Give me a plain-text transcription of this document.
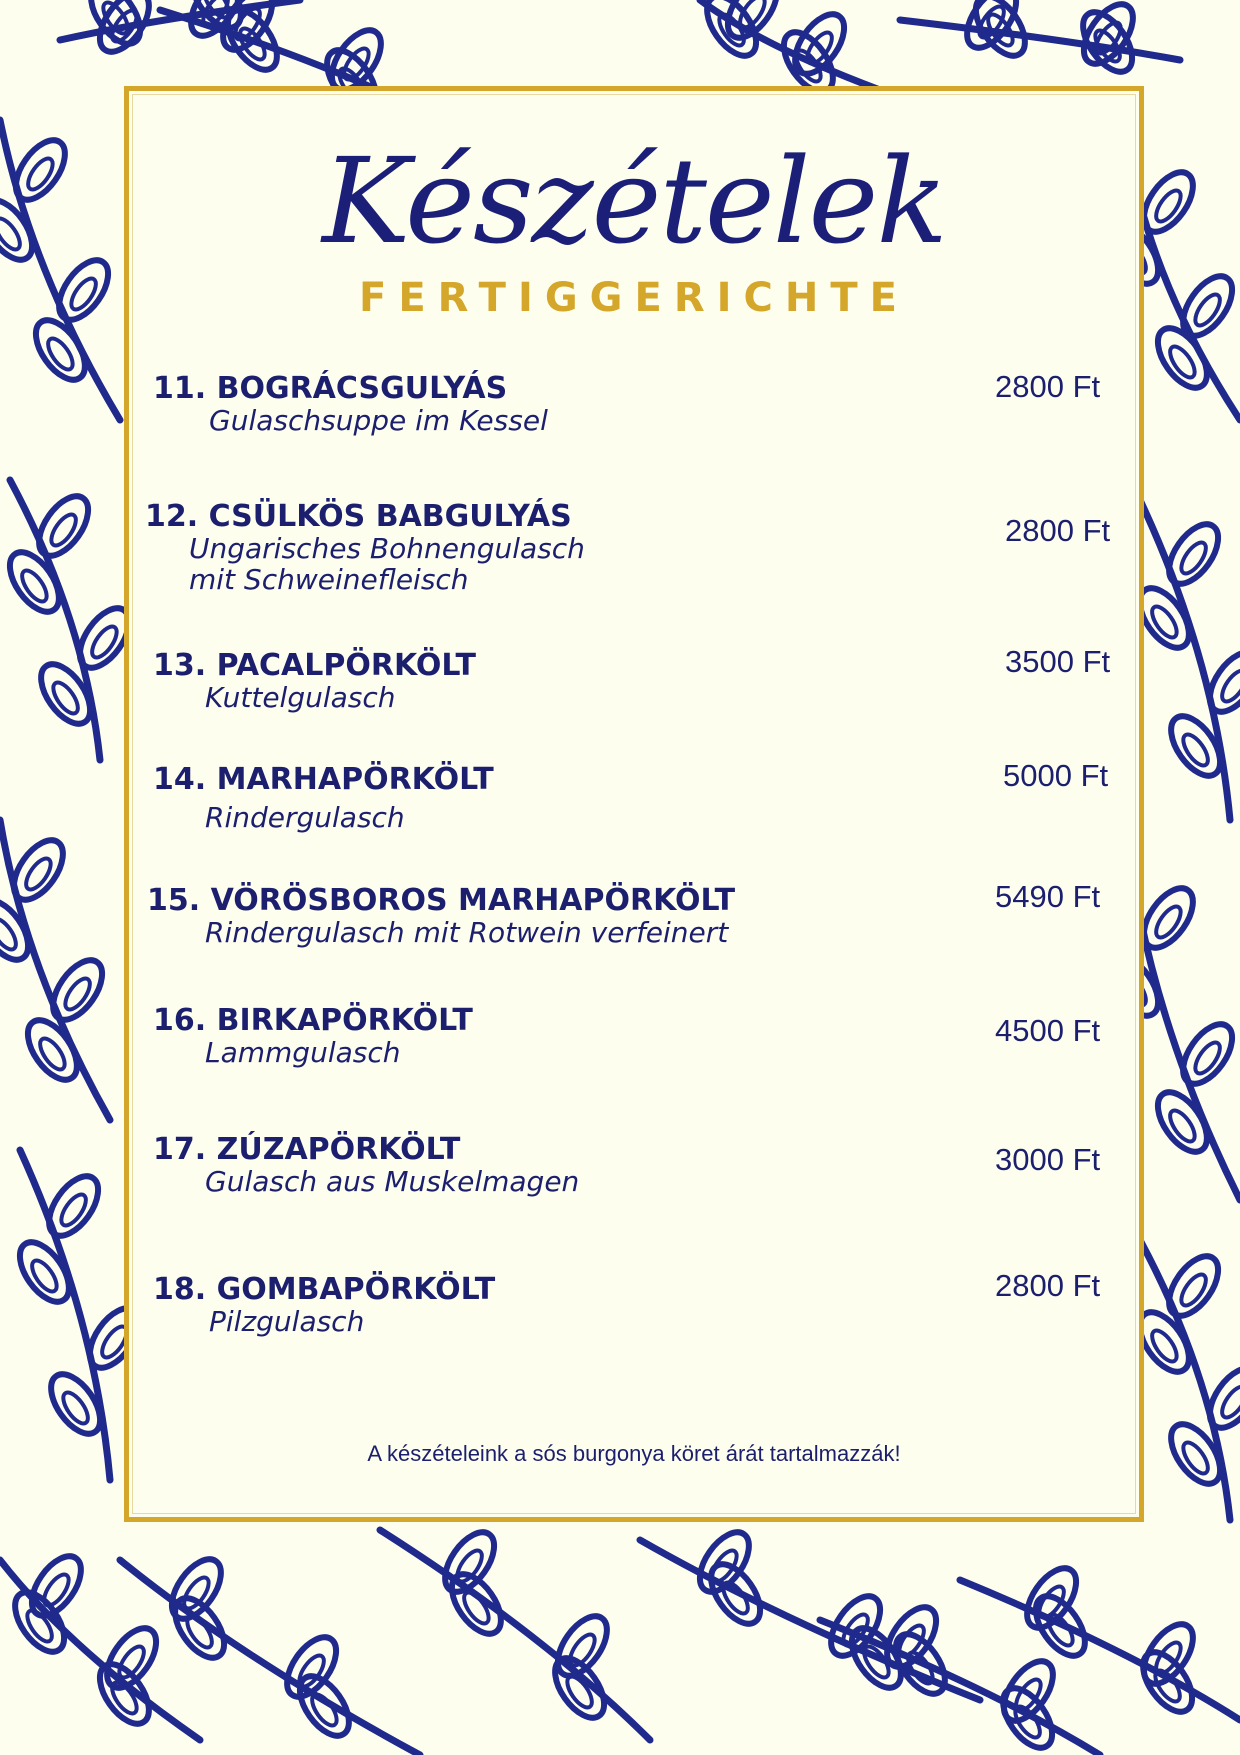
Készételek
FERTIGGERICHTE
11. BOGRÁCSGULYÁS
Gulaschsuppe im Kessel
2800 Ft
12. CSÜLKÖS BABGULYÁS
Ungarisches Bohnengulasch
mit Schweinefleisch
2800 Ft
13. PACALPÖRKÖLT
Kuttelgulasch
3500 Ft
14. MARHAPÖRKÖLT
Rindergulasch
5000 Ft
15. VÖRÖSBOROS MARHAPÖRKÖLT
Rindergulasch mit Rotwein verfeinert
5490 Ft
16. BIRKAPÖRKÖLT
Lammgulasch
4500 Ft
17. ZÚZAPÖRKÖLT
Gulasch aus Muskelmagen
3000 Ft
18. GOMBAPÖRKÖLT
Pilzgulasch
2800 Ft
A készételeink a sós burgonya köret árát tartalmazzák!
